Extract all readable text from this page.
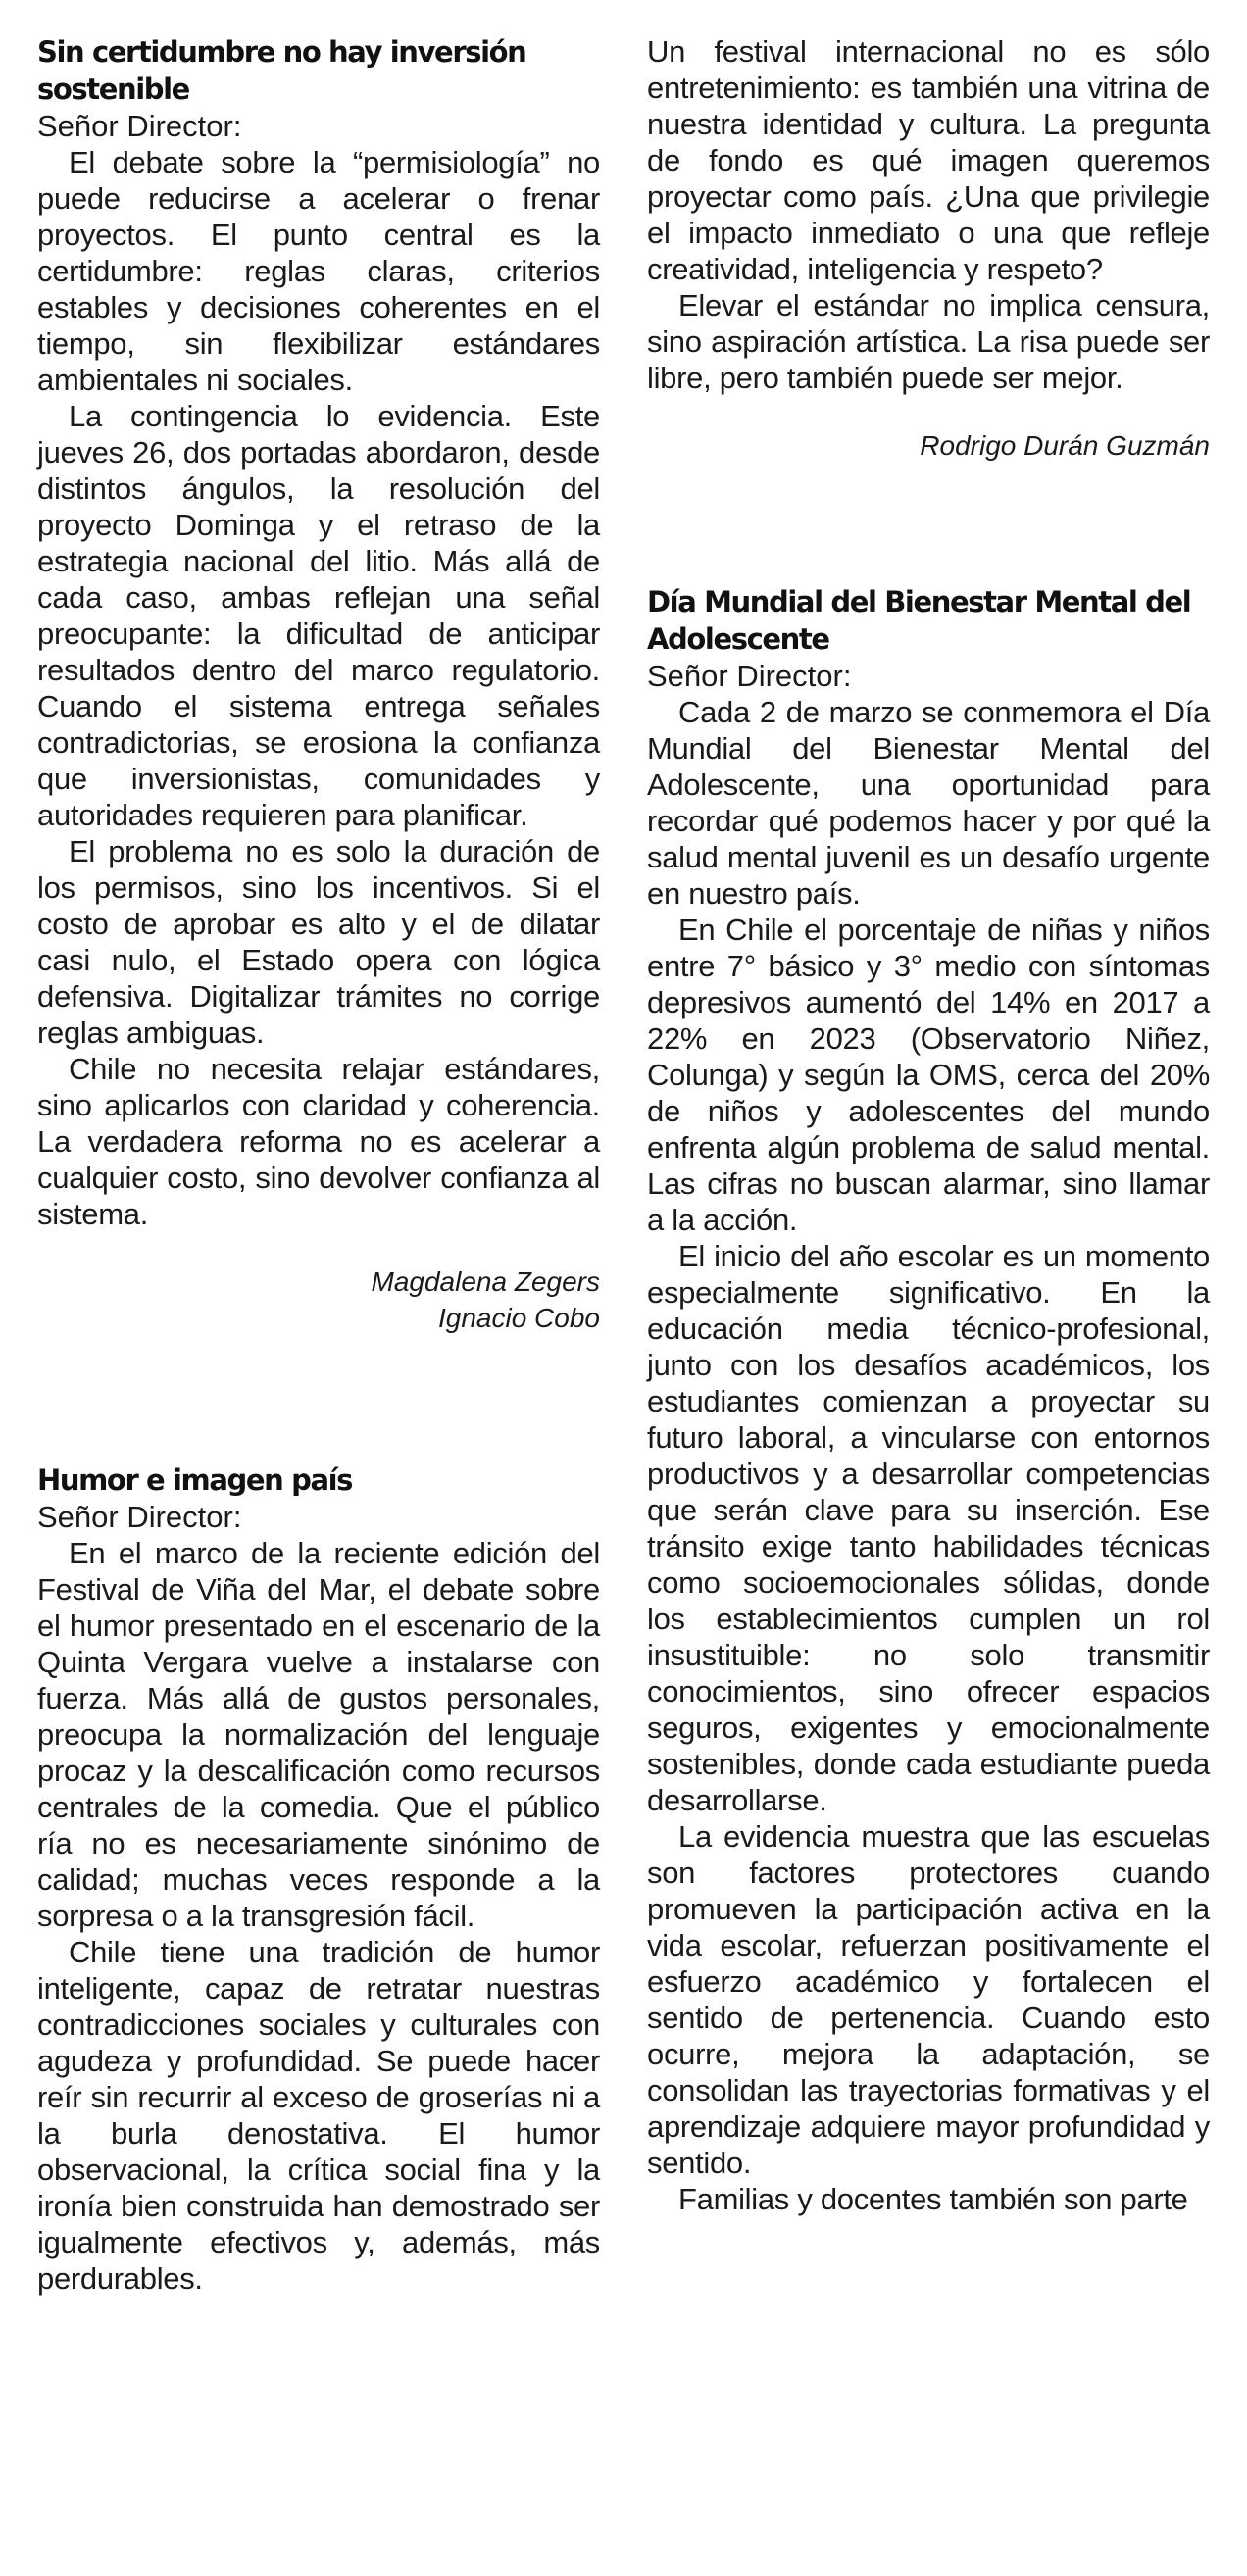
Sin certidumbre no hay inversión sostenible

Señor Director:

El debate sobre la “permisiología” no puede reducirse a acelerar o frenar proyectos. El punto central es la certidumbre: reglas claras, criterios estables y decisiones coherentes en el tiempo, sin flexibilizar estándares ambientales ni sociales.

La contingencia lo evidencia. Este jueves 26, dos portadas abordaron, desde distintos ángulos, la resolución del proyecto Dominga y el retraso de la estrategia nacional del litio. Más allá de cada caso, ambas reflejan una señal preocupante: la dificultad de anticipar resultados dentro del marco regulatorio. Cuando el sistema entrega señales contradictorias, se erosiona la confianza que inversionistas, comunidades y autoridades requieren para planificar.

El problema no es solo la duración de los permisos, sino los incentivos. Si el costo de aprobar es alto y el de dilatar casi nulo, el Estado opera con lógica defensiva. Digitalizar trámites no corrige reglas ambiguas.

Chile no necesita relajar estándares, sino aplicarlos con claridad y coherencia. La verdadera reforma no es acelerar a cualquier costo, sino devolver confianza al sistema.

Magdalena Zegers
Ignacio Cobo
Humor e imagen país

Señor Director:

En el marco de la reciente edición del Festival de Viña del Mar, el debate sobre el humor presentado en el escenario de la Quinta Vergara vuelve a instalarse con fuerza. Más allá de gustos personales, preocupa la normalización del lenguaje procaz y la descalificación como recursos centrales de la comedia. Que el público ría no es necesariamente sinónimo de calidad; muchas veces responde a la sorpresa o a la transgresión fácil.

Chile tiene una tradición de humor inteligente, capaz de retratar nuestras contradicciones sociales y culturales con agudeza y profundidad. Se puede hacer reír sin recurrir al exceso de groserías ni a la burla denostativa. El humor observacional, la crítica social fina y la ironía bien construida han demostrado ser igualmente efectivos y, además, más perdurables.

Un festival internacional no es sólo entretenimiento: es también una vitrina de nuestra identidad y cultura. La pregunta de fondo es qué imagen queremos proyectar como país. ¿Una que privilegie el impacto inmediato o una que refleje creatividad, inteligencia y respeto?

Elevar el estándar no implica censura, sino aspiración artística. La risa puede ser libre, pero también puede ser mejor.

Rodrigo Durán Guzmán
Día Mundial del Bienestar Mental del Adolescente

Señor Director:

Cada 2 de marzo se conmemora el Día Mundial del Bienestar Mental del Adolescente, una oportunidad para recordar qué podemos hacer y por qué la salud mental juvenil es un desafío urgente en nuestro país.

En Chile el porcentaje de niñas y niños entre 7° básico y 3° medio con síntomas depresivos aumentó del 14% en 2017 a 22% en 2023 (Observatorio Niñez, Colunga) y según la OMS, cerca del 20% de niños y adolescentes del mundo enfrenta algún problema de salud mental. Las cifras no buscan alarmar, sino llamar a la acción.

El inicio del año escolar es un momento especialmente significativo. En la educación media técnico-profesional, junto con los desafíos académicos, los estudiantes comienzan a proyectar su futuro laboral, a vincularse con entornos productivos y a desarrollar competencias que serán clave para su inserción. Ese tránsito exige tanto habilidades técnicas como socioemocionales sólidas, donde los establecimientos cumplen un rol insustituible: no solo transmitir conocimientos, sino ofrecer espacios seguros, exigentes y emocionalmente sostenibles, donde cada estudiante pueda desarrollarse.

La evidencia muestra que las escuelas son factores protectores cuando promueven la participación activa en la vida escolar, refuerzan positivamente el esfuerzo académico y fortalecen el sentido de pertenencia. Cuando esto ocurre, mejora la adaptación, se consolidan las trayectorias formativas y el aprendizaje adquiere mayor profundidad y sentido.

Familias y docentes también son parte
